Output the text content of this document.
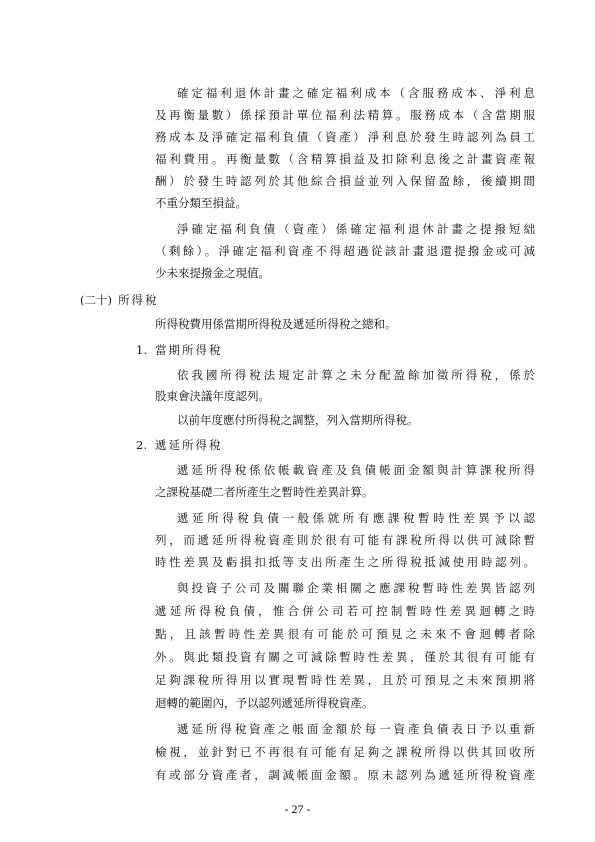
確定福利退休計畫之確定福利成本（含服務成本、淨利息
及再衡量數）係採預計單位福利法精算。服務成本（含當期服
務成本及淨確定福利負債（資產）淨利息於發生時認列為員工
福利費用。再衡量數（含精算損益及扣除利息後之計畫資產報
酬）於發生時認列於其他綜合損益並列入保留盈餘，後續期間
不重分類至損益。
淨確定福利負債（資產）係確定福利退休計畫之提撥短絀
（剩餘）。淨確定福利資產不得超過從該計畫退還提撥金或可減
少未來提撥金之現值。
(二十) 所得稅
所得稅費用係當期所得稅及遞延所得稅之總和。
1. 當期所得稅
依我國所得稅法規定計算之未分配盈餘加徵所得稅，係於
股東會決議年度認列。
以前年度應付所得稅之調整，列入當期所得稅。
2. 遞延所得稅
遞延所得稅係依帳載資產及負債帳面金額與計算課稅所得
之課稅基礎二者所產生之暫時性差異計算。
遞延所得稅負債一般係就所有應課稅暫時性差異予以認
列，而遞延所得稅資產則於很有可能有課稅所得以供可減除暫
時性差異及虧損扣抵等支出所產生之所得稅抵減使用時認列。
與投資子公司及關聯企業相關之應課稅暫時性差異皆認列
遞延所得稅負債，惟合併公司若可控制暫時性差異迴轉之時
點，且該暫時性差異很有可能於可預見之未來不會迴轉者除
外。與此類投資有關之可減除暫時性差異，僅於其很有可能有
足夠課稅所得用以實現暫時性差異，且於可預見之未來預期將
迴轉的範圍內，予以認列遞延所得稅資產。
遞延所得稅資產之帳面金額於每一資產負債表日予以重新
檢視，並針對已不再很有可能有足夠之課稅所得以供其回收所
有或部分資產者，調減帳面金額。原未認列為遞延所得稅資產
- 27 -
